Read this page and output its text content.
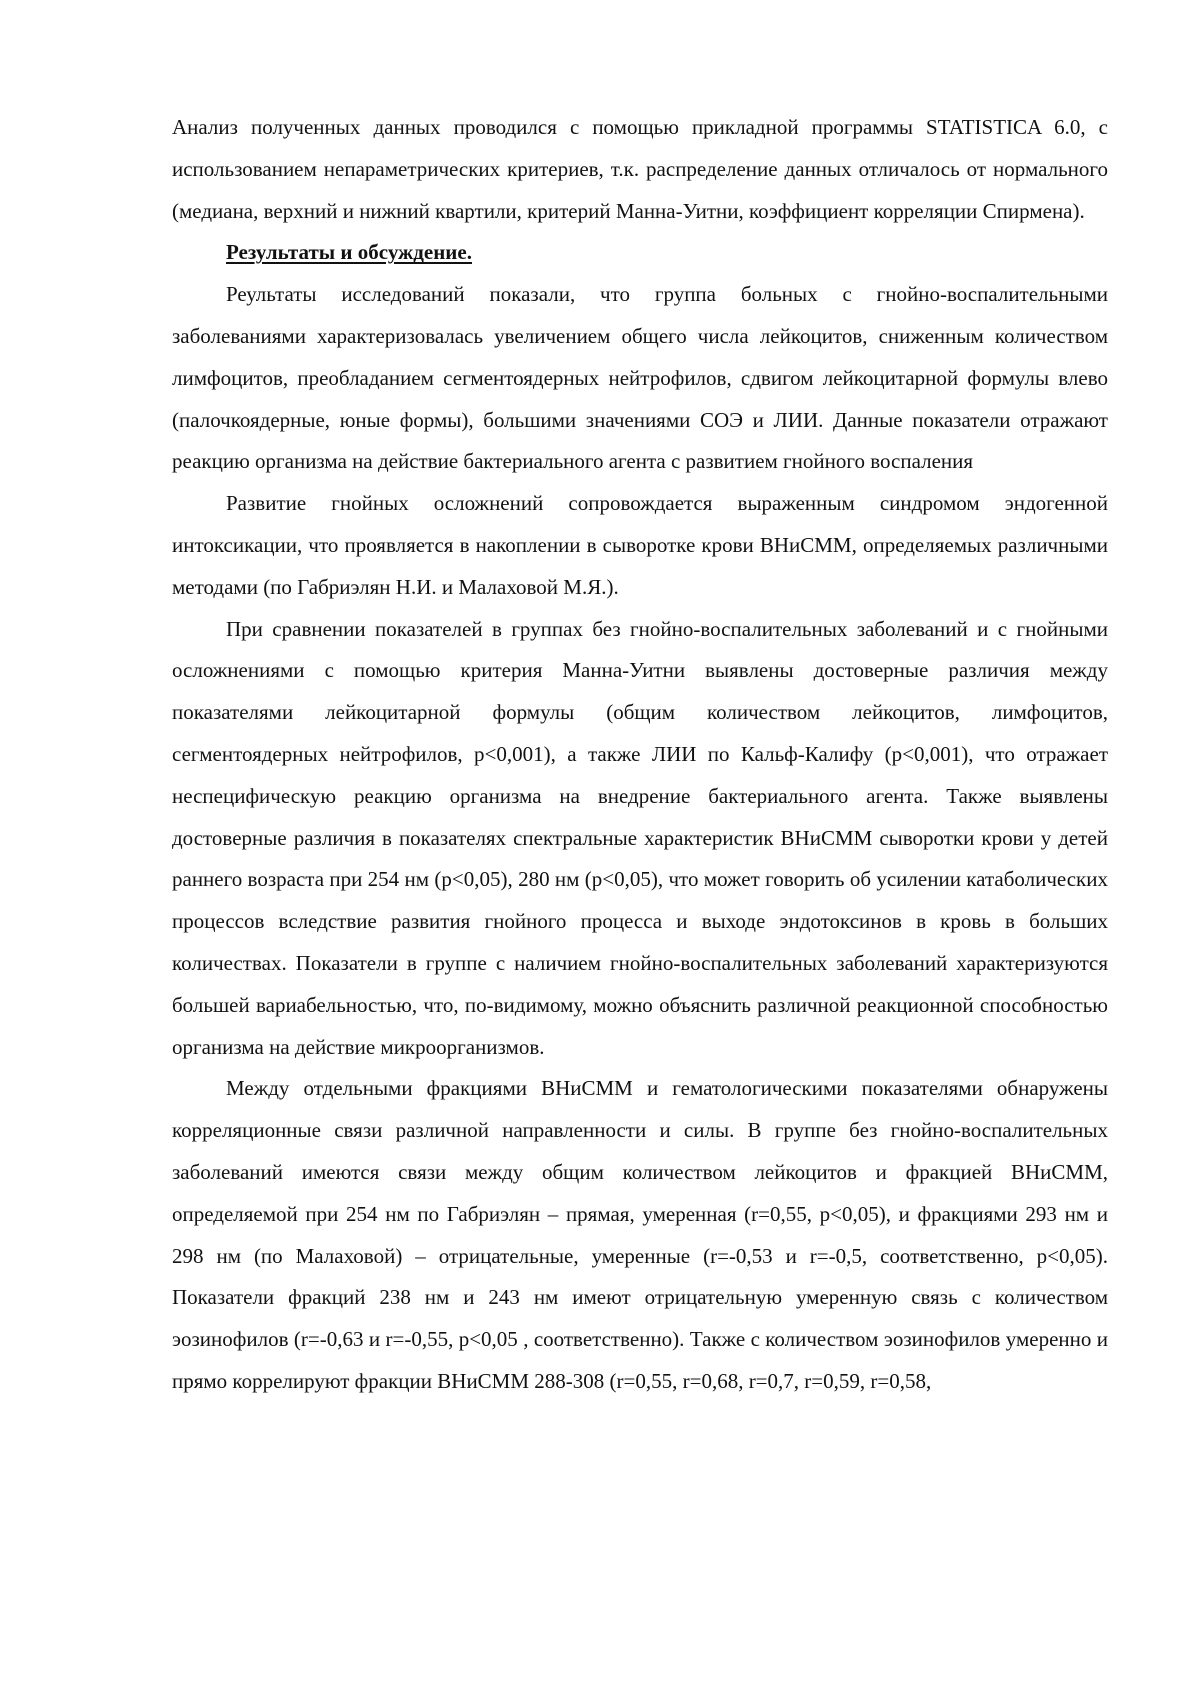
Анализ полученных данных проводился с помощью прикладной программы STATISTICA 6.0, с использованием непараметрических критериев, т.к. распределение данных отличалось от нормального (медиана, верхний и нижний квартили, критерий Манна-Уитни, коэффициент корреляции Спирмена).

Результаты и обсуждение.

Реультаты исследований показали, что группа больных с гнойно-воспалительными заболеваниями характеризовалась увеличением общего числа лейкоцитов, сниженным количеством лимфоцитов, преобладанием сегментоядерных нейтрофилов, сдвигом лейкоцитарной формулы влево (палочкоядерные, юные формы), большими значениями СОЭ и ЛИИ. Данные показатели отражают реакцию организма на действие бактериального агента с развитием гнойного воспаления

Развитие гнойных осложнений сопровождается выраженным синдромом эндогенной интоксикации, что проявляется в накоплении в сыворотке крови ВНиСММ, определяемых различными методами (по Габриэлян Н.И. и Малаховой М.Я.).

При сравнении показателей в группах без гнойно-воспалительных заболеваний и с гнойными осложнениями с помощью критерия Манна-Уитни выявлены достоверные различия между показателями лейкоцитарной формулы (общим количеством лейкоцитов, лимфоцитов, сегментоядерных нейтрофилов, p<0,001), а также ЛИИ по Кальф-Калифу (p<0,001), что отражает неспецифическую реакцию организма на внедрение бактериального агента. Также выявлены достоверные различия в показателях спектральные характеристик ВНиСММ сыворотки крови у детей раннего возраста при 254 нм (p<0,05), 280 нм (p<0,05), что может говорить об усилении катаболических процессов вследствие развития гнойного процесса и выходе эндотоксинов в кровь в больших количествах. Показатели в группе с наличием гнойно-воспалительных заболеваний характеризуются большей вариабельностью, что, по-видимому, можно объяснить различной реакционной способностью организма на действие микроорганизмов.

Между отдельными фракциями ВНиСММ и гематологическими показателями обнаружены корреляционные связи различной направленности и силы. В группе без гнойно-воспалительных заболеваний имеются связи между общим количеством лейкоцитов и фракцией ВНиСММ, определяемой при 254 нм по Габриэлян – прямая, умеренная (r=0,55, p<0,05), и фракциями 293 нм и 298 нм (по Малаховой) – отрицательные, умеренные (r=-0,53 и r=-0,5, соответственно, p<0,05). Показатели фракций 238 нм и 243 нм имеют отрицательную умеренную связь с количеством эозинофилов (r=-0,63 и r=-0,55, p<0,05 , соответственно). Также с количеством эозинофилов умеренно и прямо коррелируют фракции ВНиСММ 288-308 (r=0,55, r=0,68, r=0,7, r=0,59, r=0,58,
